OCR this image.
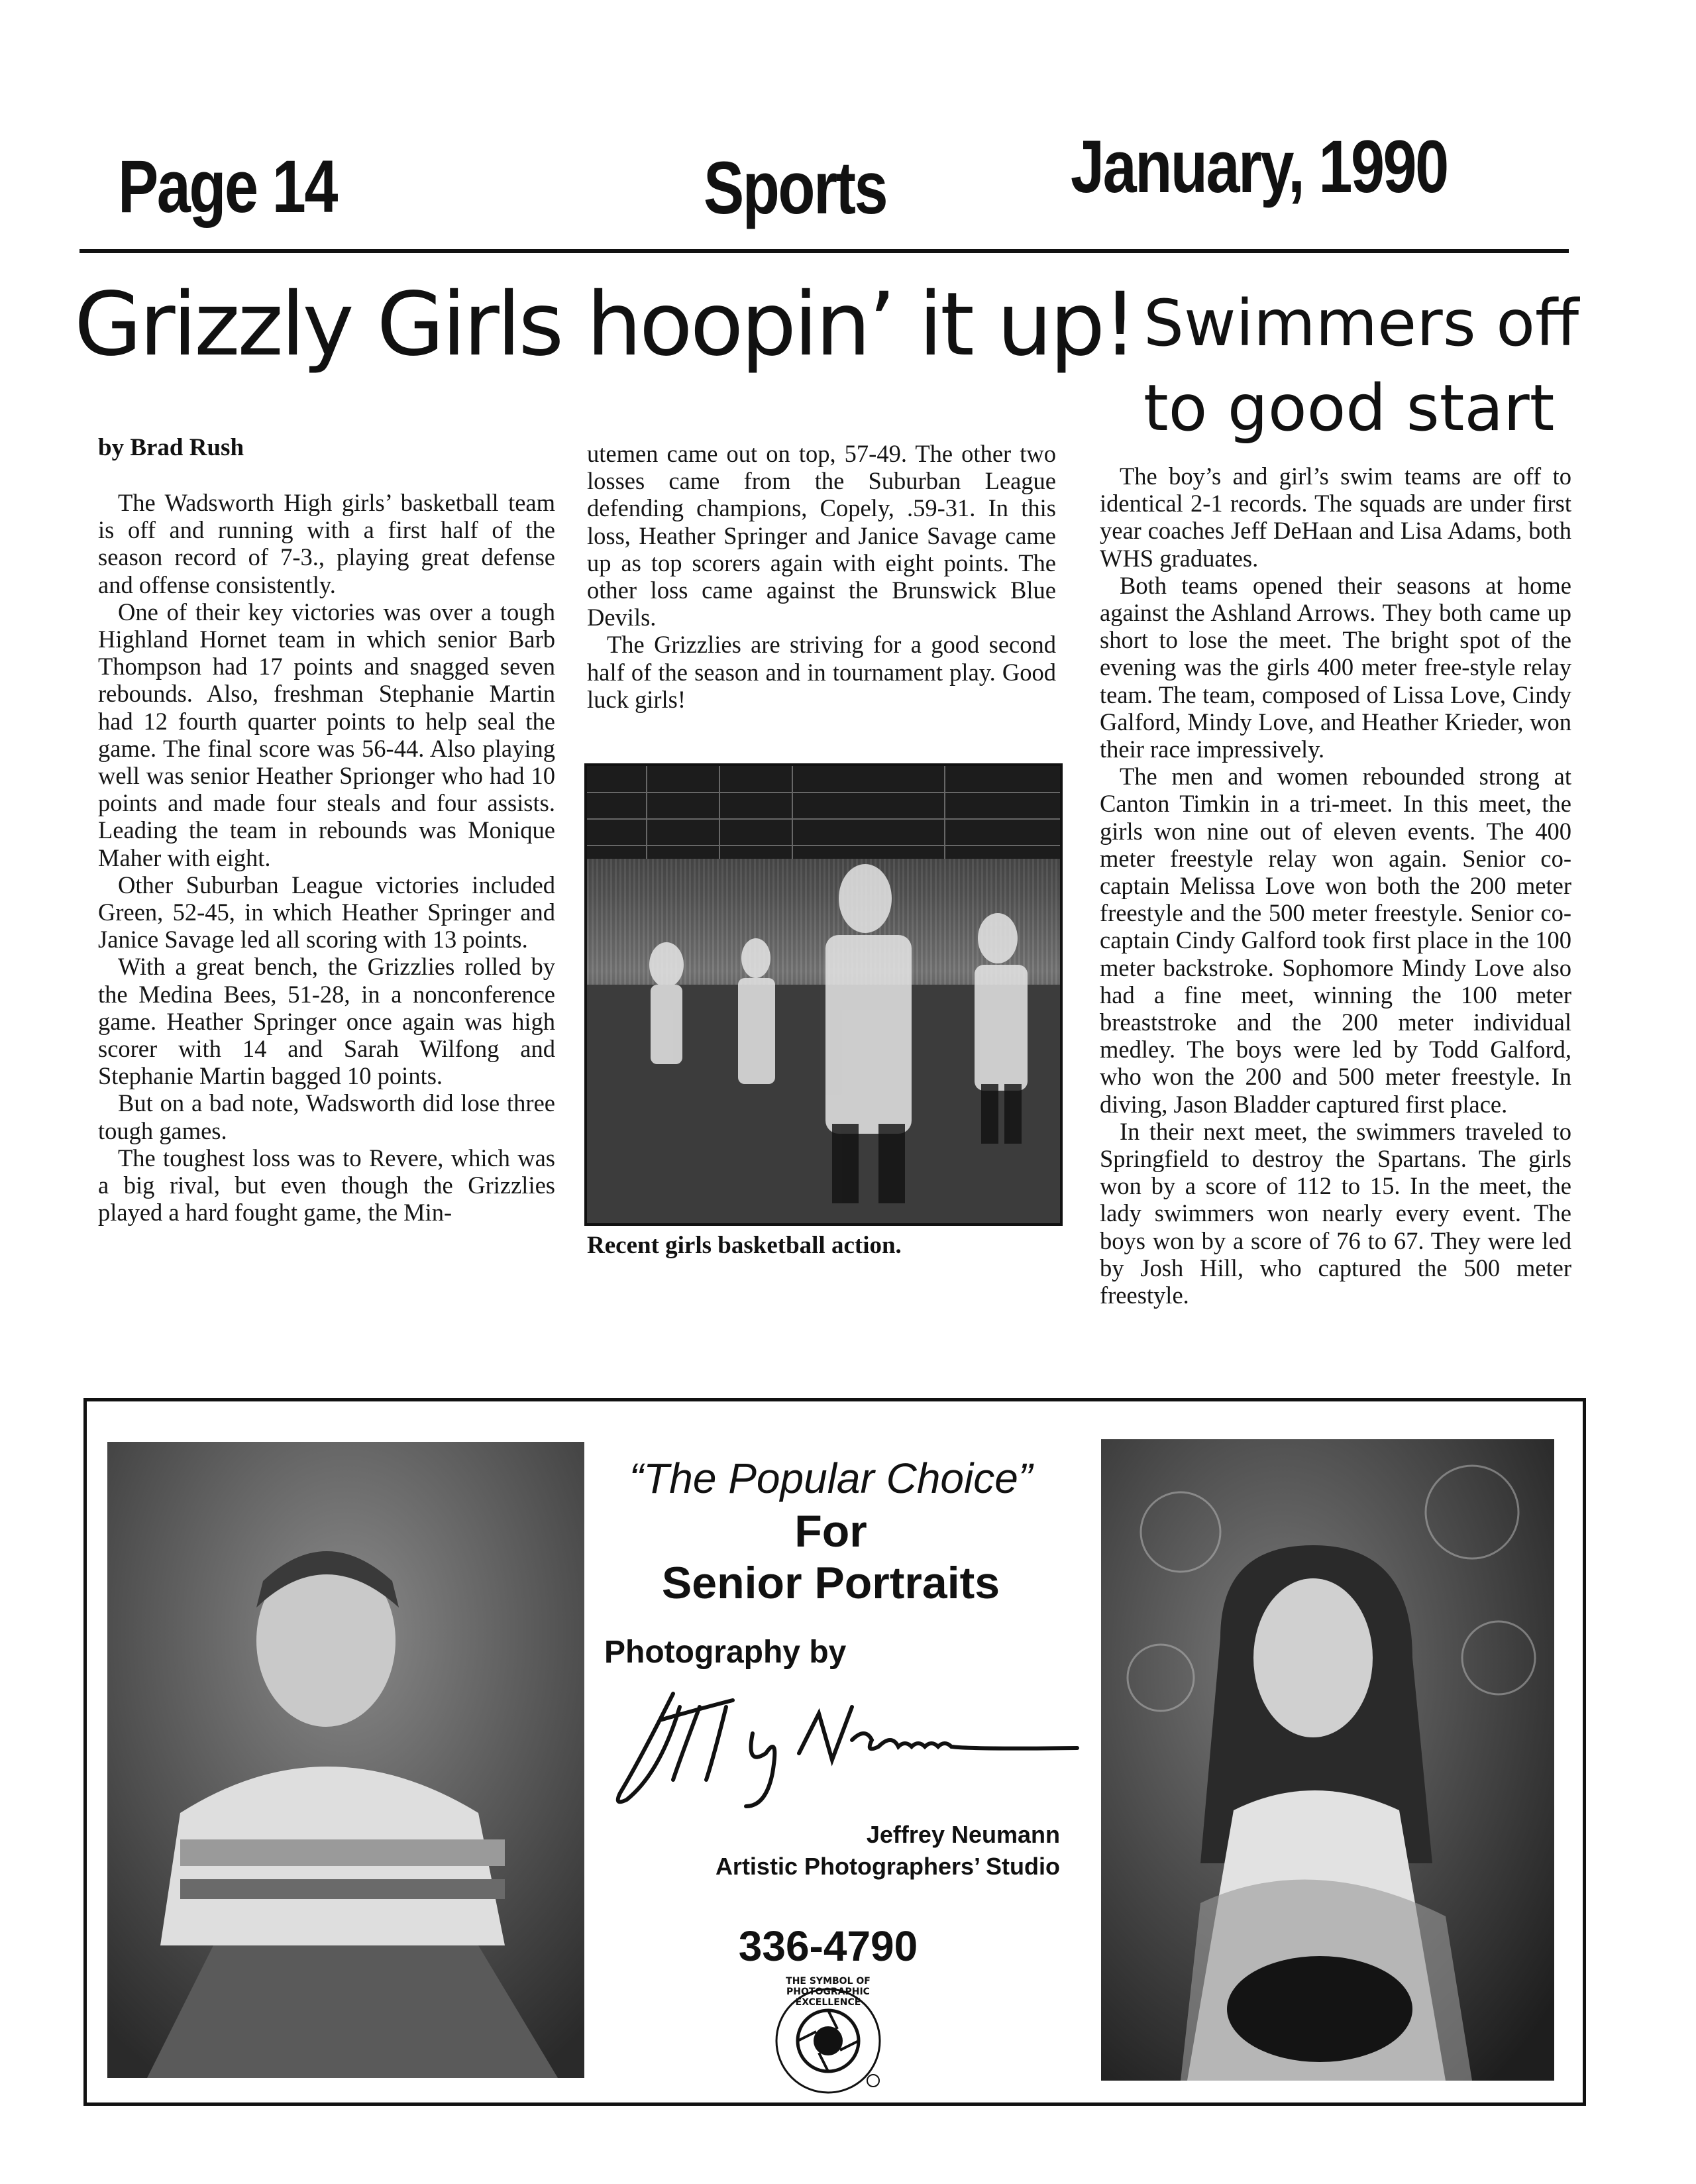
Page 14	Sports January, 1990
Grizzly Girls hoopin’ it up!
by Brad Rush

The Wadsworth High girls’ basketball team is off and running with a first half of the season record of 7-3., playing great defense and offense consistently.

One of their key victories was over a tough Highland Hornet team in which senior Barb Thompson had 17 points and snagged seven rebounds. Also, freshman Stephanie Martin had 12 fourth quarter points to help seal the game. The final score was 56-44. Also playing well was senior Heather Sprionger who had 10 points and made four steals and four assists. Leading the team in rebounds was Monique Maher with eight.

Other Suburban League victories included Green, 52-45, in which Heather Springer and Janice Savage led all scoring with 13 points.

With a great bench, the Grizzlies rolled by the Medina Bees, 51-28, in a nonconference game. Heather Springer once again was high scorer with 14 and Sarah Wilfong and Stephanie Martin bagged 10 points.

But on a bad note, Wadsworth did lose three tough games.

The toughest loss was to Revere, which was a big rival, but even though the Grizzlies played a hard fought game, the Min-

utemen came out on top, 57-49. The other two losses came from the Suburban League defending champions, Copely, .59-31. In this loss, Heather Springer and Janice Savage came up as top scorers again with eight points. The other loss came against the Brunswick Blue Devils.

The Grizzlies are striving for a good second half of the season and in tournament play. Good luck girls!

Recent girls basketball action.
Swimmers off
to good start

The boy’s and girl’s swim teams are off to identical 2-1 records. The squads are under first year coaches Jeff DeHaan and Lisa Adams, both WHS graduates.

Both teams opened their seasons at home against the Ashland Arrows. They both came up short to lose the meet. The bright spot of the evening was the girls 400 meter free-style relay team. The team, composed of Lissa Love, Cindy Galford, Mindy Love, and Heather Krieder, won their race impressively.

The men and women rebounded strong at Canton Timkin in a tri-meet. In this meet, the girls won nine out of eleven events. The 400 meter freestyle relay won again. Senior co-captain Melissa Love won both the 200 meter freestyle and the 500 meter freestyle. Senior co-captain Cindy Galford took first place in the 100 meter backstroke. Sophomore Mindy Love also had a fine meet, winning the 100 meter breaststroke and the 200 meter individual medley. The boys were led by Todd Galford, who won the 200 and 500 meter freestyle. In diving, Jason Bladder captured first place.

In their next meet, the swimmers traveled to Springfield to destroy the Spartans. The girls won by a score of 112 to 15. In the meet, the lady swimmers won nearly every event. The boys won by a score of 76 to 67. They were led by Josh Hill, who captured the 500 meter freestyle.

“The Popular Choice”
For
Senior Portraits
Photography by
Jeffrey Neumann
Artistic Photographers’ Studio
336-4790
THE SYMBOL OF PHOTOGRAPHIC EXCELLENCE
